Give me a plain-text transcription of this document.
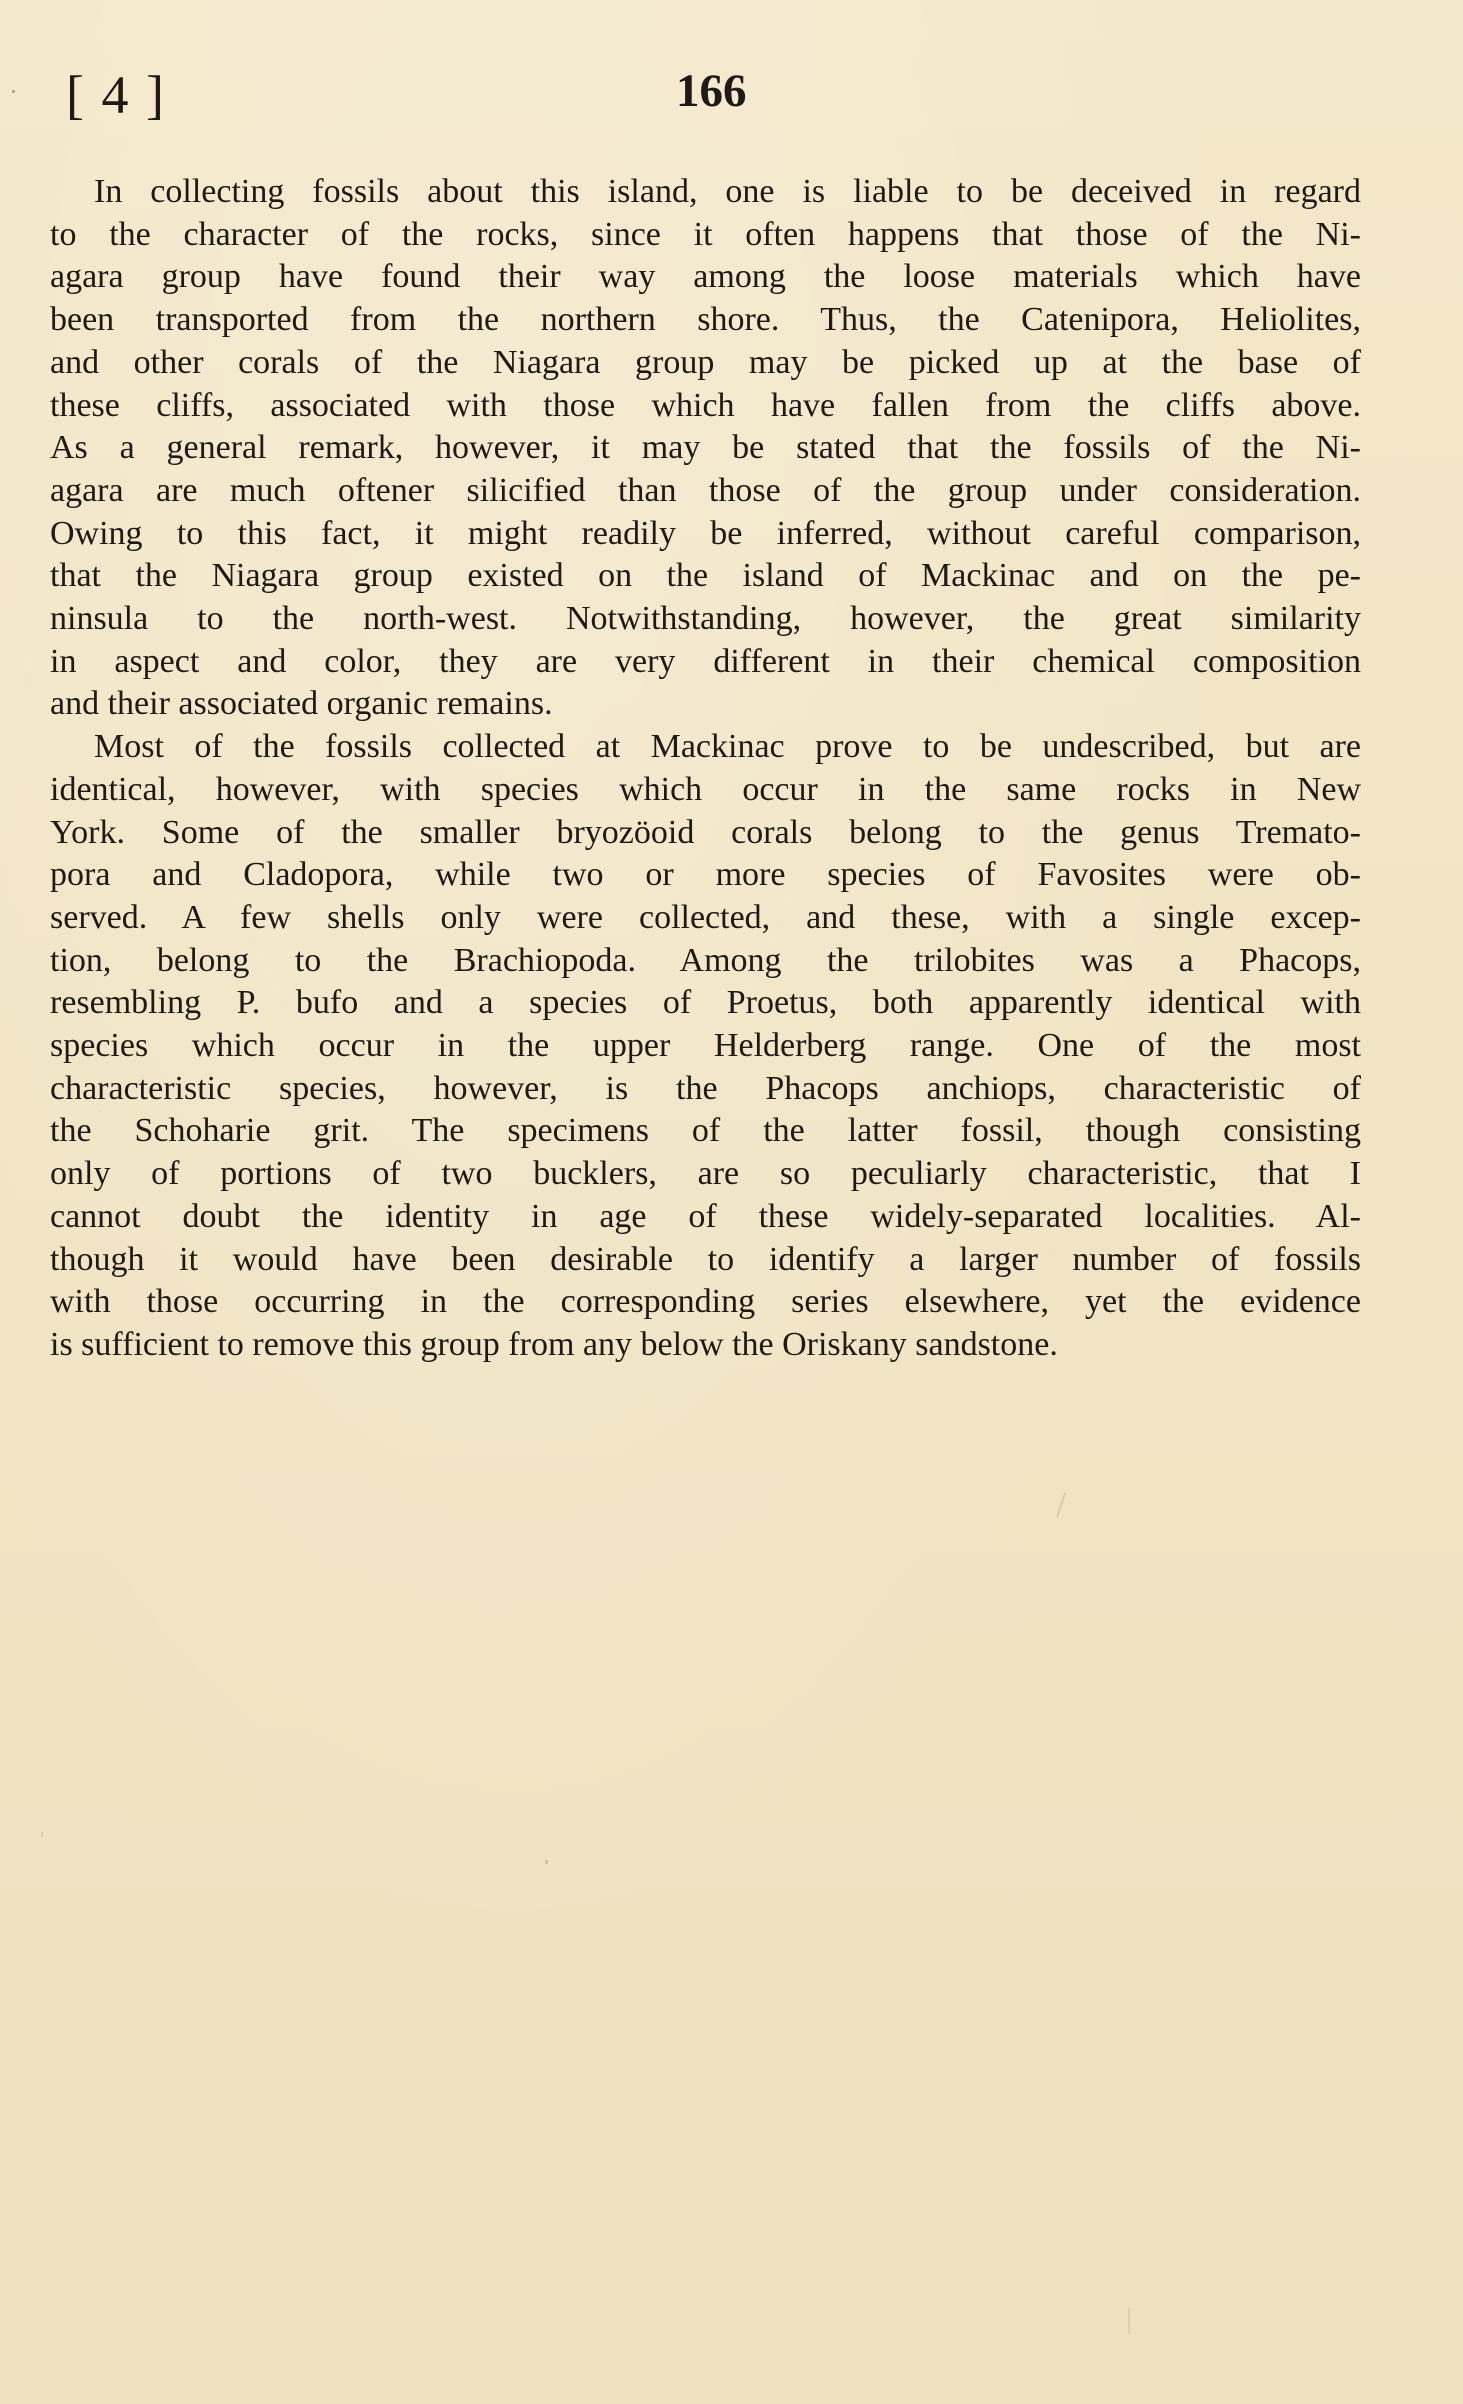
[ 4 ]	166
In collecting fossils about this island, one is liable to be deceived in regard
to the character of the rocks, since it often happens that those of the Ni-
agara group have found their way among the loose materials which have
been transported from the northern shore. Thus, the Catenipora, Heliolites,
and other corals of the Niagara group may be picked up at the base of
these cliffs, associated with those which have fallen from the cliffs above.
As a general remark, however, it may be stated that the fossils of the Ni-
agara are much oftener silicified than those of the group under consideration.
Owing to this fact, it might readily be inferred, without careful comparison,
that the Niagara group existed on the island of Mackinac and on the pe-
ninsula to the north-west. Notwithstanding, however, the great similarity
in aspect and color, they are very different in their chemical composition
and their associated organic remains.
Most of the fossils collected at Mackinac prove to be undescribed, but are
identical, however, with species which occur in the same rocks in New
York. Some of the smaller bryozöoid corals belong to the genus Tremato-
pora and Cladopora, while two or more species of Favosites were ob-
served. A few shells only were collected, and these, with a single excep-
tion, belong to the Brachiopoda. Among the trilobites was a Phacops,
resembling P. bufo and a species of Proetus, both apparently identical with
species which occur in the upper Helderberg range. One of the most
characteristic species, however, is the Phacops anchiops, characteristic of
the Schoharie grit. The specimens of the latter fossil, though consisting
only of portions of two bucklers, are so peculiarly characteristic, that I
cannot doubt the identity in age of these widely-separated localities. Al-
though it would have been desirable to identify a larger number of fossils
with those occurring in the corresponding series elsewhere, yet the evidence
is sufficient to remove this group from any below the Oriskany sandstone.
